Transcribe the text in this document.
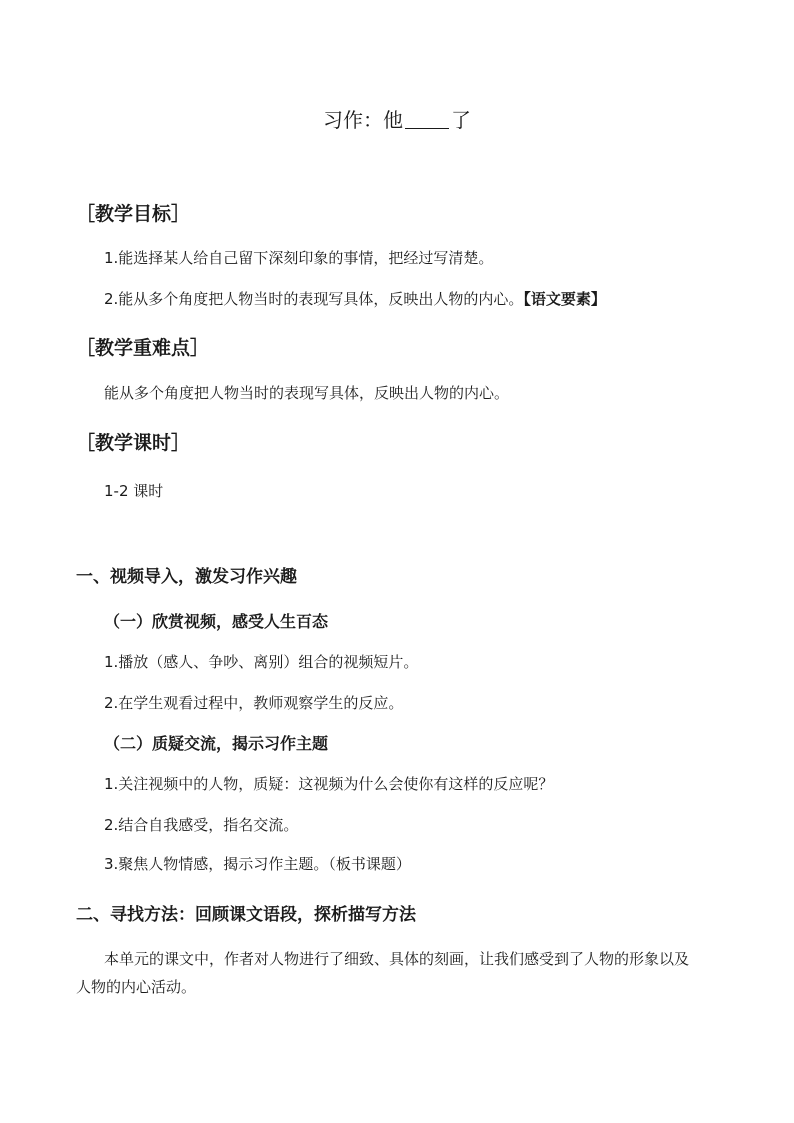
习作：他 了
［教学目标］
1.能选择某人给自己留下深刻印象的事情，把经过写清楚。
2.能从多个角度把人物当时的表现写具体，反映出人物的内心。【语文要素】
［教学重难点］
能从多个角度把人物当时的表现写具体，反映出人物的内心。
［教学课时］
1-2 课时
一、视频导入，激发习作兴趣
（一）欣赏视频，感受人生百态
1.播放（感人、争吵、离别）组合的视频短片。
2.在学生观看过程中，教师观察学生的反应。
（二）质疑交流，揭示习作主题
1.关注视频中的人物，质疑：这视频为什么会使你有这样的反应呢？
2.结合自我感受，指名交流。
3.聚焦人物情感，揭示习作主题。（板书课题）
二、寻找方法：回顾课文语段，探析描写方法
本单元的课文中，作者对人物进行了细致、具体的刻画，让我们感受到了人物的形象以及
人物的内心活动。
